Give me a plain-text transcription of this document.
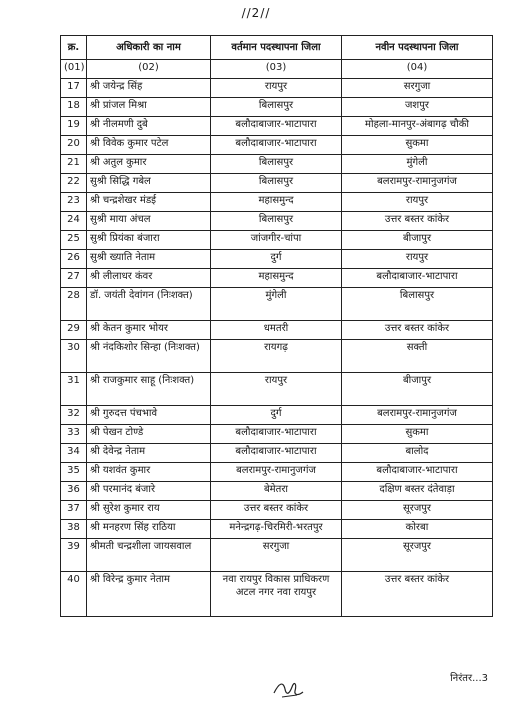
//2//
क्र.	अधिकारी का नाम	वर्तमान पदस्थापना जिला	नवीन पदस्थापना जिला
(01)	(02)	(03)	(04)
17	श्री जयेन्द्र सिंह	रायपुर	सरगुजा
18	श्री प्रांजल मिश्रा	बिलासपुर	जशपुर
19	श्री नीलमणी दुबे	बलौदाबाजार-भाटापारा	मोहला-मानपुर-अंबागढ़ चौकी
20	श्री विवेक कुमार पटेल	बलौदाबाजार-भाटापारा	सुकमा
21	श्री अतुल कुमार	बिलासपुर	मुंगेली
22	सुश्री सिद्धि गबेल	बिलासपुर	बलरामपुर-रामानुजगंज
23	श्री चन्द्रशेखर मंडई	महासमुन्द	रायपुर
24	सुश्री माया अंचल	बिलासपुर	उत्तर बस्तर कांकेर
25	सुश्री प्रियंका बंजारा	जांजगीर-चांपा	बीजापुर
26	सुश्री ख्याति नेताम	दुर्ग	रायपुर
27	श्री लीलाधर कंवर	महासमुन्द	बलौदाबाजार-भाटापारा
28	डॉ. जयंती देवांगन (निःशक्त)	मुंगेली	बिलासपुर
29	श्री केतन कुमार भोयर	धमतरी	उत्तर बस्तर कांकेर
30	श्री नंदकिशोर सिन्हा (निःशक्त)	रायगढ़	सक्ती
31	श्री राजकुमार साहू (निःशक्त)	रायपुर	बीजापुर
32	श्री गुरुदत्त पंचभावे	दुर्ग	बलरामपुर-रामानुजगंज
33	श्री पेखन टोण्डे	बलौदाबाजार-भाटापारा	सुकमा
34	श्री देवेन्द्र नेताम	बलौदाबाजार-भाटापारा	बालोद
35	श्री यशवंत कुमार	बलरामपुर-रामानुजगंज	बलौदाबाजार-भाटापारा
36	श्री परमानंद बंजारे	बेमेतरा	दक्षिण बस्तर दंतेवाड़ा
37	श्री सुरेश कुमार राय	उत्तर बस्तर कांकेर	सूरजपुर
38	श्री मनहरण सिंह राठिया	मनेन्द्रगढ़-चिरमिरी-भरतपुर	कोरबा
39	श्रीमती चन्द्रशीला जायसवाल	सरगुजा	सूरजपुर
40	श्री विरेन्द्र कुमार नेताम	नवा रायपुर विकास प्राधिकरण अटल नगर नवा रायपुर	उत्तर बस्तर कांकेर
निरंतर...3
